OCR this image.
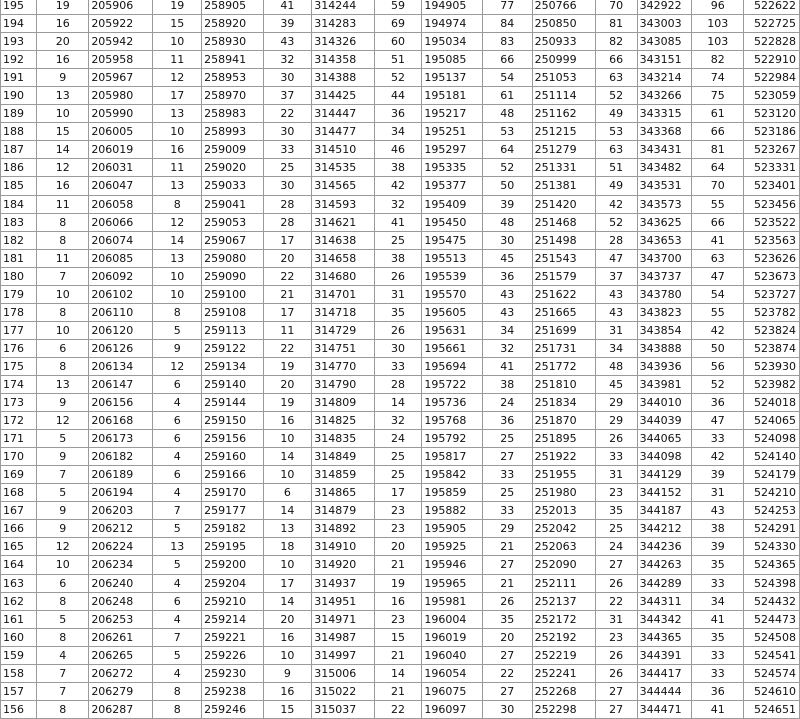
195	19	205906	19	258905	41	314244	59	194905	77	250766	70	342922	96	522622
194	16	205922	15	258920	39	314283	69	194974	84	250850	81	343003	103	522725
193	20	205942	10	258930	43	314326	60	195034	83	250933	82	343085	103	522828
192	16	205958	11	258941	32	314358	51	195085	66	250999	66	343151	82	522910
191	9	205967	12	258953	30	314388	52	195137	54	251053	63	343214	74	522984
190	13	205980	17	258970	37	314425	44	195181	61	251114	52	343266	75	523059
189	10	205990	13	258983	22	314447	36	195217	48	251162	49	343315	61	523120
188	15	206005	10	258993	30	314477	34	195251	53	251215	53	343368	66	523186
187	14	206019	16	259009	33	314510	46	195297	64	251279	63	343431	81	523267
186	12	206031	11	259020	25	314535	38	195335	52	251331	51	343482	64	523331
185	16	206047	13	259033	30	314565	42	195377	50	251381	49	343531	70	523401
184	11	206058	8	259041	28	314593	32	195409	39	251420	42	343573	55	523456
183	8	206066	12	259053	28	314621	41	195450	48	251468	52	343625	66	523522
182	8	206074	14	259067	17	314638	25	195475	30	251498	28	343653	41	523563
181	11	206085	13	259080	20	314658	38	195513	45	251543	47	343700	63	523626
180	7	206092	10	259090	22	314680	26	195539	36	251579	37	343737	47	523673
179	10	206102	10	259100	21	314701	31	195570	43	251622	43	343780	54	523727
178	8	206110	8	259108	17	314718	35	195605	43	251665	43	343823	55	523782
177	10	206120	5	259113	11	314729	26	195631	34	251699	31	343854	42	523824
176	6	206126	9	259122	22	314751	30	195661	32	251731	34	343888	50	523874
175	8	206134	12	259134	19	314770	33	195694	41	251772	48	343936	56	523930
174	13	206147	6	259140	20	314790	28	195722	38	251810	45	343981	52	523982
173	9	206156	4	259144	19	314809	14	195736	24	251834	29	344010	36	524018
172	12	206168	6	259150	16	314825	32	195768	36	251870	29	344039	47	524065
171	5	206173	6	259156	10	314835	24	195792	25	251895	26	344065	33	524098
170	9	206182	4	259160	14	314849	25	195817	27	251922	33	344098	42	524140
169	7	206189	6	259166	10	314859	25	195842	33	251955	31	344129	39	524179
168	5	206194	4	259170	6	314865	17	195859	25	251980	23	344152	31	524210
167	9	206203	7	259177	14	314879	23	195882	33	252013	35	344187	43	524253
166	9	206212	5	259182	13	314892	23	195905	29	252042	25	344212	38	524291
165	12	206224	13	259195	18	314910	20	195925	21	252063	24	344236	39	524330
164	10	206234	5	259200	10	314920	21	195946	27	252090	27	344263	35	524365
163	6	206240	4	259204	17	314937	19	195965	21	252111	26	344289	33	524398
162	8	206248	6	259210	14	314951	16	195981	26	252137	22	344311	34	524432
161	5	206253	4	259214	20	314971	23	196004	35	252172	31	344342	41	524473
160	8	206261	7	259221	16	314987	15	196019	20	252192	23	344365	35	524508
159	4	206265	5	259226	10	314997	21	196040	27	252219	26	344391	33	524541
158	7	206272	4	259230	9	315006	14	196054	22	252241	26	344417	33	524574
157	7	206279	8	259238	16	315022	21	196075	27	252268	27	344444	36	524610
156	8	206287	8	259246	15	315037	22	196097	30	252298	27	344471	41	524651
